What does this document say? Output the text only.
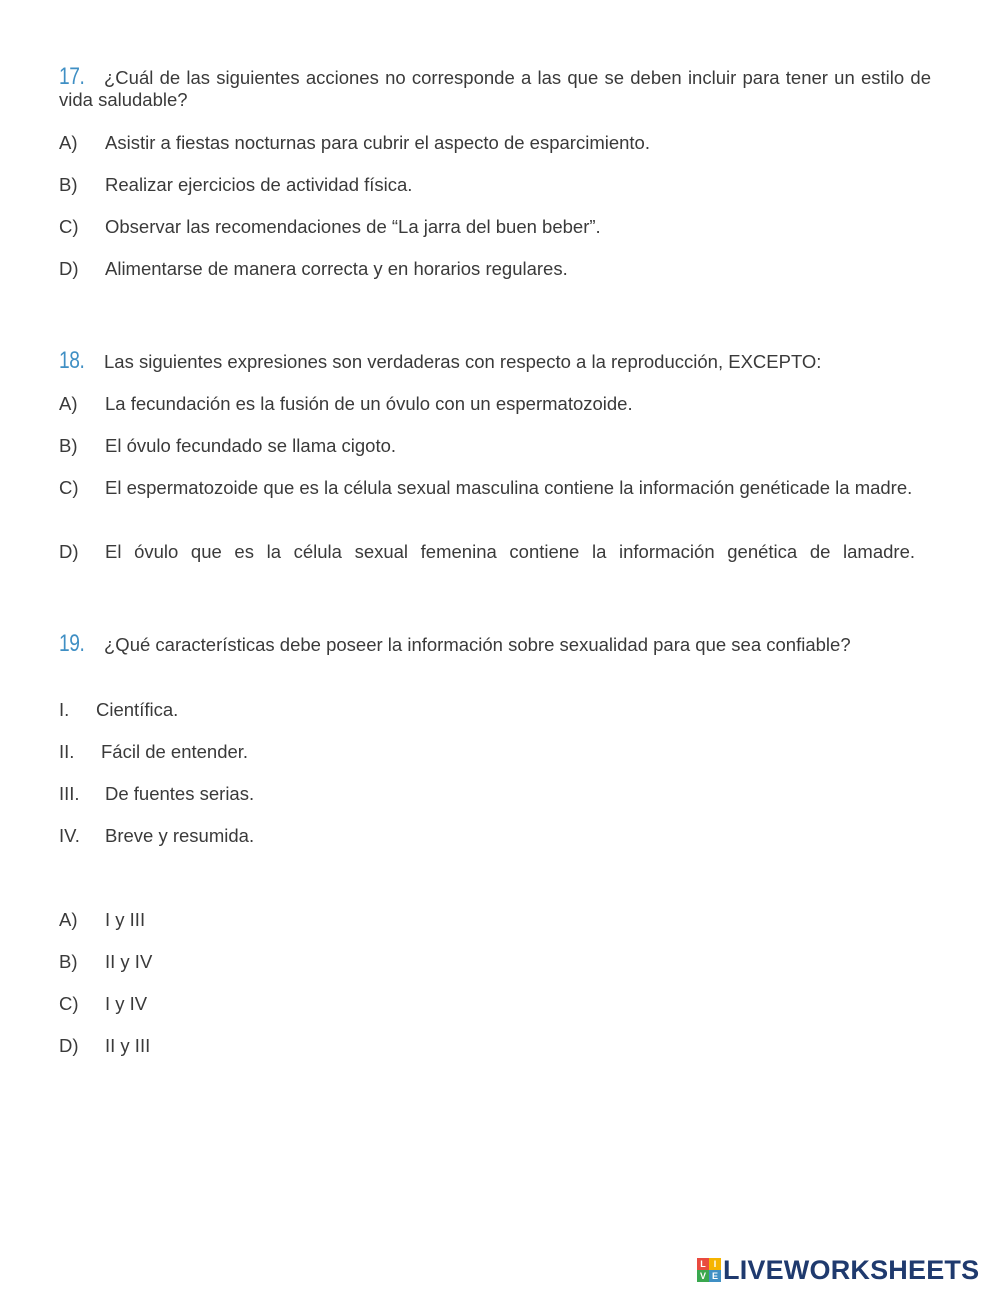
17. ¿Cuál de las siguientes acciones no corresponde a las que se deben incluir para tener un estilo de vida saludable?
A) Asistir a fiestas nocturnas para cubrir el aspecto de esparcimiento.
B) Realizar ejercicios de actividad física.
C) Observar las recomendaciones de “La jarra del buen beber”.
D) Alimentarse de manera correcta y en horarios regulares.
18. Las siguientes expresiones son verdaderas con respecto a la reproducción, EXCEPTO:
A) La fecundación es la fusión de un óvulo con un espermatozoide.
B) El óvulo fecundado se llama cigoto.
C) El espermatozoide que es la célula sexual masculina contiene la información genéticade la madre.
D) El óvulo que es la célula sexual femenina contiene la información genética de lamadre.
19. ¿Qué características debe poseer la información sobre sexualidad para que sea confiable?
I. Científica.
II. Fácil de entender.
III. De fuentes serias.
IV. Breve y resumida.
A) I y III
B) II y IV
C) I y IV
D) II y III
L I
V E LIVEWORKSHEETS
